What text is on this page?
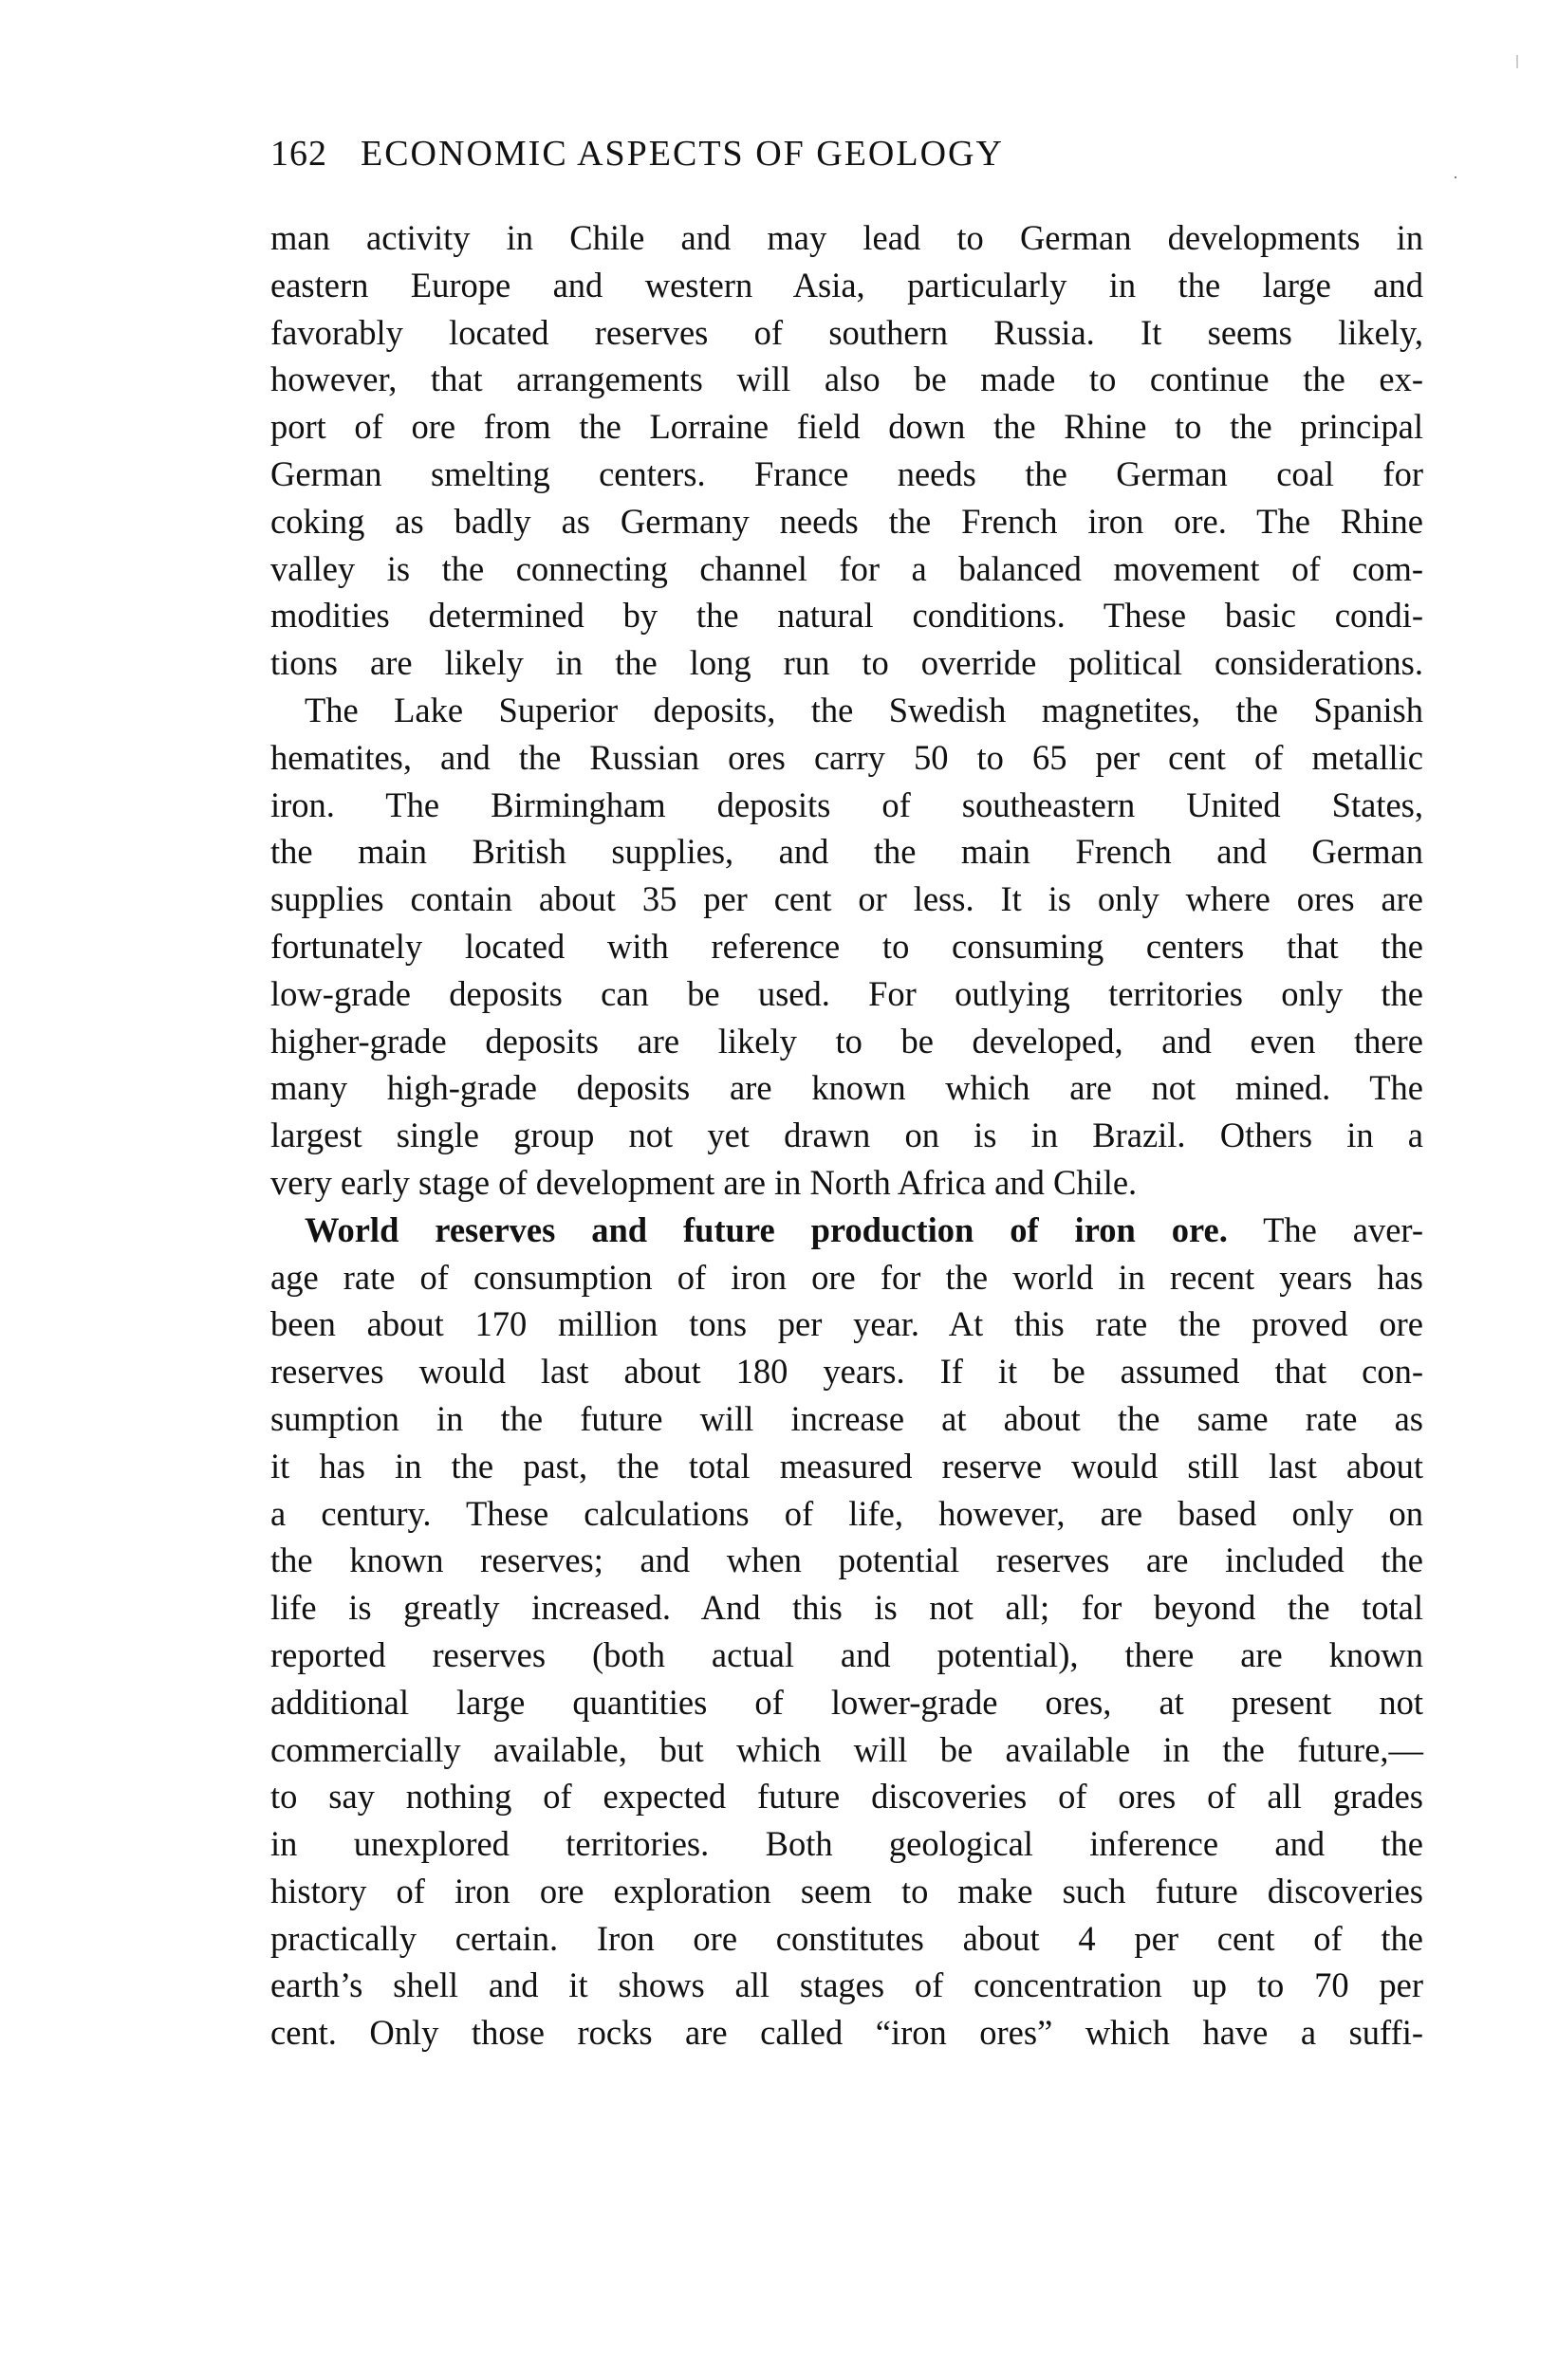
162 ECONOMIC ASPECTS OF GEOLOGY
man activity in Chile and may lead to German developments in
eastern Europe and western Asia, particularly in the large and
favorably located reserves of southern Russia. It seems likely,
however, that arrangements will also be made to continue the ex-
port of ore from the Lorraine field down the Rhine to the principal
German smelting centers. France needs the German coal for
coking as badly as Germany needs the French iron ore. The Rhine
valley is the connecting channel for a balanced movement of com-
modities determined by the natural conditions. These basic condi-
tions are likely in the long run to override political considerations.
The Lake Superior deposits, the Swedish magnetites, the Spanish
hematites, and the Russian ores carry 50 to 65 per cent of metallic
iron. The Birmingham deposits of southeastern United States,
the main British supplies, and the main French and German
supplies contain about 35 per cent or less. It is only where ores are
fortunately located with reference to consuming centers that the
low-grade deposits can be used. For outlying territories only the
higher-grade deposits are likely to be developed, and even there
many high-grade deposits are known which are not mined. The
largest single group not yet drawn on is in Brazil. Others in a
very early stage of development are in North Africa and Chile.
World reserves and future production of iron ore. The aver-
age rate of consumption of iron ore for the world in recent years has
been about 170 million tons per year. At this rate the proved ore
reserves would last about 180 years. If it be assumed that con-
sumption in the future will increase at about the same rate as
it has in the past, the total measured reserve would still last about
a century. These calculations of life, however, are based only on
the known reserves; and when potential reserves are included the
life is greatly increased. And this is not all; for beyond the total
reported reserves (both actual and potential), there are known
additional large quantities of lower-grade ores, at present not
commercially available, but which will be available in the future,—
to say nothing of expected future discoveries of ores of all grades
in unexplored territories. Both geological inference and the
history of iron ore exploration seem to make such future discoveries
practically certain. Iron ore constitutes about 4 per cent of the
earth’s shell and it shows all stages of concentration up to 70 per
cent. Only those rocks are called “iron ores” which have a suffi-
